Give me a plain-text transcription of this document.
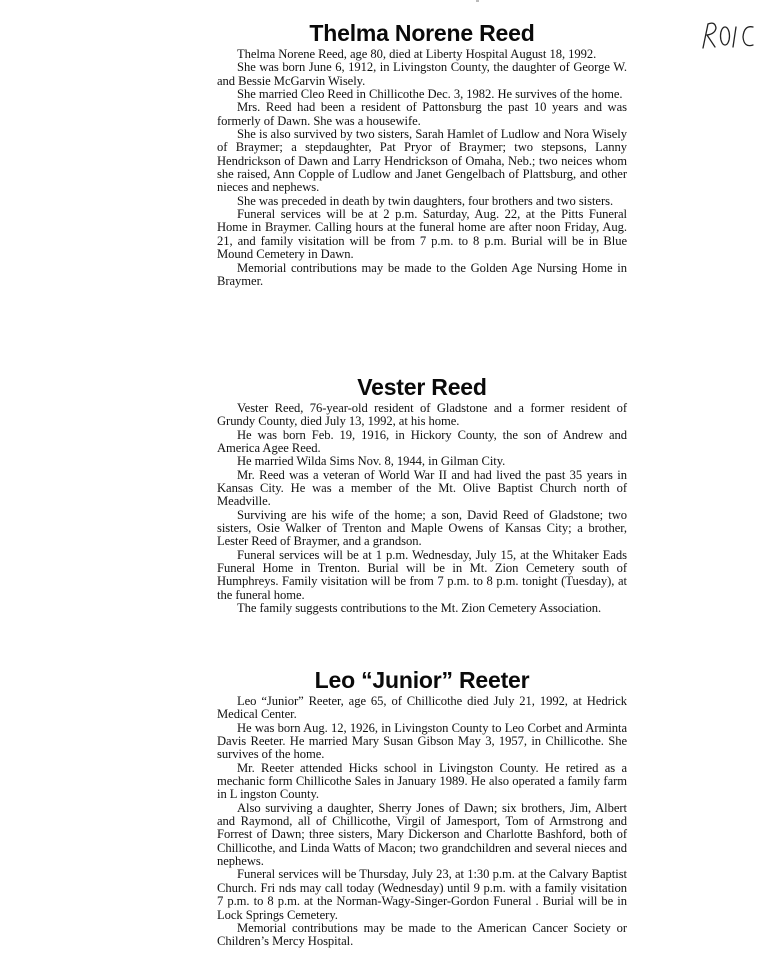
Thelma Norene Reed

Thelma Norene Reed, age 80, died at Liberty Hospital August 18, 1992.

She was born June 6, 1912, in Livingston County, the daughter of George W. and Bessie McGarvin Wisely.

She married Cleo Reed in Chillicothe Dec. 3, 1982. He survives of the home.

Mrs. Reed had been a resident of Pattonsburg the past 10 years and was formerly of Dawn. She was a housewife.

She is also survived by two sisters, Sarah Hamlet of Ludlow and Nora Wisely of Braymer; a stepdaughter, Pat Pryor of Braymer; two stepsons, Lanny Hendrickson of Dawn and Larry Hendrickson of Omaha, Neb.; two neices whom she raised, Ann Copple of Ludlow and Janet Gengelbach of Plattsburg, and other nieces and nephews.

She was preceded in death by twin daughters, four brothers and two sisters.

Funeral services will be at 2 p.m. Saturday, Aug. 22, at the Pitts Funeral Home in Braymer. Calling hours at the funeral home are after noon Friday, Aug. 21, and family visitation will be from 7 p.m. to 8 p.m. Burial will be in Blue Mound Cemetery in Dawn.

Memorial contributions may be made to the Golden Age Nursing Home in Braymer.

Vester Reed

Vester Reed, 76-year-old resident of Gladstone and a former resident of Grundy County, died July 13, 1992, at his home.

He was born Feb. 19, 1916, in Hickory County, the son of Andrew and America Agee Reed.

He married Wilda Sims Nov. 8, 1944, in Gilman City.

Mr. Reed was a veteran of World War II and had lived the past 35 years in Kansas City. He was a member of the Mt. Olive Baptist Church north of Meadville.

Surviving are his wife of the home; a son, David Reed of Gladstone; two sisters, Osie Walker of Trenton and Maple Owens of Kansas City; a brother, Lester Reed of Braymer, and a grandson.

Funeral services will be at 1 p.m. Wednesday, July 15, at the Whitaker Eads Funeral Home in Trenton. Burial will be in Mt. Zion Cemetery south of Humphreys. Family visitation will be from 7 p.m. to 8 p.m. tonight (Tuesday), at the funeral home.

The family suggests contributions to the Mt. Zion Cemetery Association.

Leo “Junior” Reeter

Leo “Junior” Reeter, age 65, of Chillicothe died July 21, 1992, at Hedrick Medical Center.

He was born Aug. 12, 1926, in Livingston County to Leo Corbet and Arminta Davis Reeter. He married Mary Susan Gibson May 3, 1957, in Chillicothe. She survives of the home.

Mr. Reeter attended Hicks school in Livingston County. He retired as a mechanic form Chillicothe Sales in January 1989. He also operated a family farm in L ingston County.

Also surviving a daughter, Sherry Jones of Dawn; six brothers, Jim, Albert and Raymond, all of Chillicothe, Virgil of Jamesport, Tom of Armstrong and Forrest of Dawn; three sisters, Mary Dickerson and Charlotte Bashford, both of Chillicothe, and Linda Watts of Macon; two grandchildren and several nieces and nephews.

Funeral services will be Thursday, July 23, at 1:30 p.m. at the Calvary Baptist Church. Fri nds may call today (Wednesday) until 9 p.m. with a family visitation 7 p.m. to 8 p.m. at the Norman-Wagy-Singer-Gordon Funeral . Burial will be in Lock Springs Cemetery.

Memorial contributions may be made to the American Cancer Society or Children’s Mercy Hospital.
